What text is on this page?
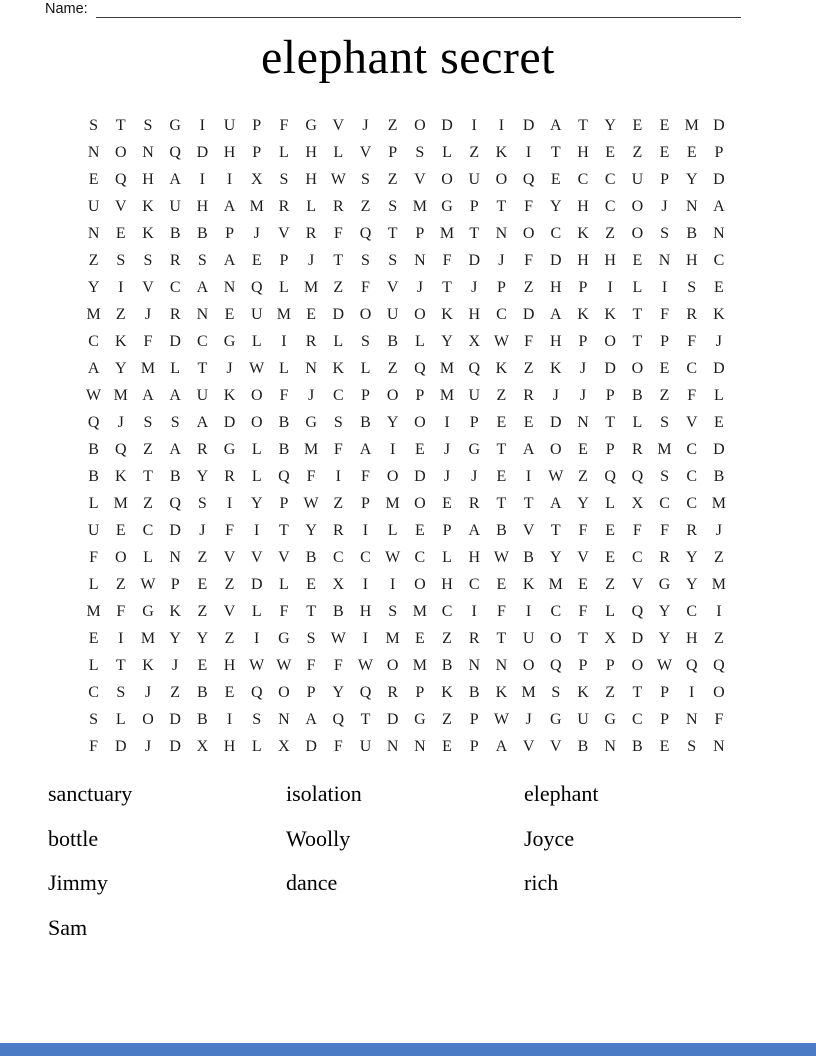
Name:
elephant secret
S	T	S	G	I	U	P	F	G V	J	Z	O D	I	I	D A	T	Y	E	E M D
N O N Q D H	P	L	H	L	V	P	S	L	Z	K	I	T	H	E	Z	E	E	P
E	Q H A	I	I	X	S	H W S	Z	V O U O Q	E	C	C	U	P	Y D
U V K U H A M R	L	R	Z	S M G	P	T	F	Y H	C	O	J	N A
N	E	K	B	B	P	J	V	R	F	Q	T	P M T	N O	C	K	Z	O	S	B	N
Z	S	S	R	S	A	E	P	J	T	S	S	N	F	D	J	F	D H H	E	N H	C
Y	I	V	C	A N Q	L M Z	F	V	J	T	J	P	Z	H	P	I	L	I	S	E
M Z	J	R	N	E	U M E	D O U O K H	C	D A K K	T	F	R	K
C	K	F	D	C	G	L	I	R	L	S	B	L	Y X W F	H	P	O	T	P	F	J
A Y M L	T	J	W L	N K	L	Z	Q M Q K	Z	K	J	D O	E	C	D
W M A A U K O	F	J	C	P	O	P M U	Z	R	J	J	P	B	Z	F	L
Q	J	S	S	A D O	B	G	S	B	Y O	I	P	E	E	D N	T	L	S	V	E
B	Q	Z	A	R	G	L	B M F	A	I	E	J	G	T	A O	E	P	R M C	D
B	K	T	B	Y	R	L	Q	F	I	F	O D	J	J	E	I	W Z	Q Q	S	C	B
L M Z	Q	S	I	Y	P W Z	P M O	E	R	T	T	A Y	L	X	C	C M
U	E	C	D	J	F	I	T	Y	R	I	L	E	P	A	B	V	T	F	E	F	F	R	J
F	O	L	N	Z	V V V	B	C	C W C	L	H W B	Y V	E	C	R	Y	Z
L	Z W P	E	Z	D	L	E	X	I	I	O H	C	E	K M E	Z	V G Y M
M F	G K	Z	V	L	F	T	B	H	S M C	I	F	I	C	F	L	Q Y	C	I
E	I	M Y Y	Z	I	G	S W	I	M E	Z	R	T	U O	T	X D Y H	Z
L	T	K	J	E	H W W F	F W O M B	N N O Q	P	P	O W Q Q
C	S	J	Z	B	E	Q O	P	Y Q	R	P	K	B	K M S	K	Z	T	P	I	O
S	L	O D	B	I	S	N A Q	T	D G	Z	P W	J	G U G	C	P	N	F
F	D	J	D X H	L	X D	F	U N N	E	P	A V V	B	N	B	E	S	N
sanctuary	isolation	elephant
bottle	Woolly	Joyce
Jimmy	dance	rich
Sam
